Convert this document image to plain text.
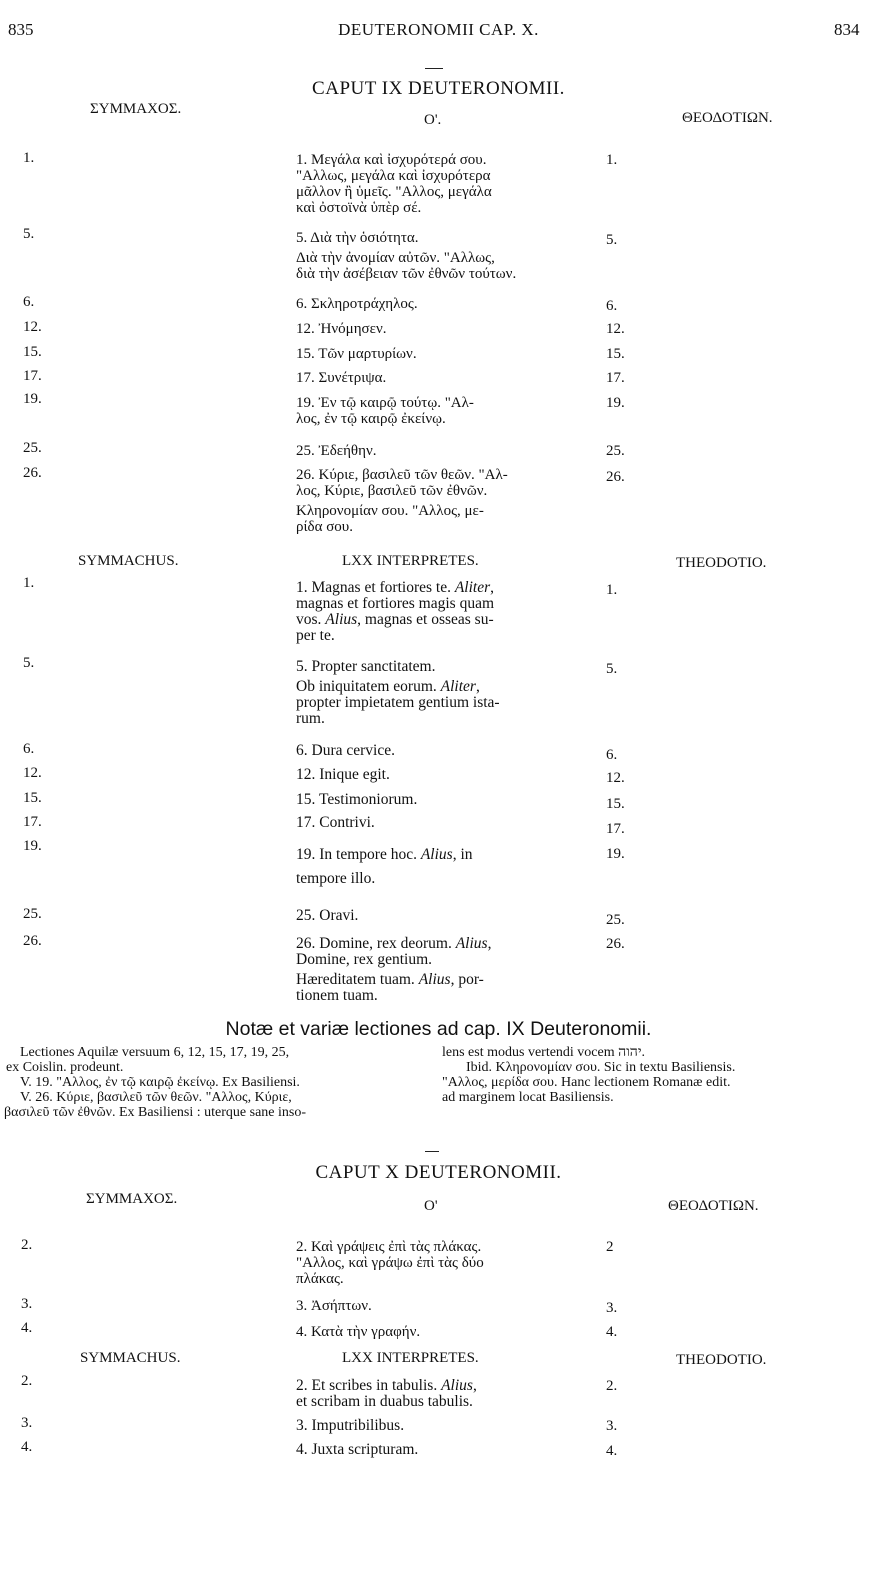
835	DEUTERONOMII CAP. X.	834
CAPUT IX DEUTERONOMII.
ΣΥΜΜΑΧΟΣ.
Ο'.	ΘΕΟΔΟΤΙΩΝ.
1.	1. Μεγάλα καὶ ἰσχυρότερά σου.
"Αλλως, μεγάλα καὶ ἰσχυρότερα
μᾶλλον ἢ ὑμεῖς. "Αλλος, μεγάλα
καὶ ὀστοϊνὰ ὑπὲρ σέ.
1.
5.	5. Διὰ τὴν ὁσιότητα.
Διὰ τὴν ἀνομίαν αὐτῶν. "Αλλως,
διὰ τὴν ἀσέβειαν τῶν ἐθνῶν τούτων.
5.
6.	6. Σκληροτράχηλος.	6.
12.	12. Ἠνόμησεν.	12.
15.	15. Τῶν μαρτυρίων.	15.
17.	17. Συνέτριψα.	17.
19.	19. Ἐν τῷ καιρῷ τούτῳ. "Αλ-
λος, ἐν τῷ καιρῷ ἐκείνῳ.
19.
25.	25. Ἐδεήθην.	25.
26.	26. Κύριε, βασιλεῦ τῶν θεῶν. "Αλ-
λος, Κύριε, βασιλεῦ τῶν ἐθνῶν.
Κληρονομίαν σου. "Αλλος, με-
ρίδα σου.
26.
SYMMACHUS.	LXX INTERPRETES.	THEODOTIO.
1.	1. Magnas et fortiores te. Aliter,
magnas et fortiores magis quam
vos. Alius, magnas et osseas su-
per te.
1.
5.	5. Propter sanctitatem.
Ob iniquitatem eorum. Aliter,
propter impietatem gentium ista-
rum.
5.
6.	6. Dura cervice.	6.
12.	12. Inique egit.	12.
15.	15. Testimoniorum.	15.
17.	17. Contrivi.	17.
19.	19. In tempore hoc. Alius, in
tempore illo.
19.
25.	25. Oravi.	25.
26.	26. Domine, rex deorum. Alius,
Domine, rex gentium.
Hæreditatem tuam. Alius, por-
tionem tuam.
26.
Notæ et variæ lectiones ad cap. IX Deuteronomii.
Lectiones Aquilæ versuum 6, 12, 15, 17, 19, 25,
ex Coislin. prodeunt.
V. 19. "Αλλος, ἐν τῷ καιρῷ ἐκείνῳ. Ex Basiliensi.
V. 26. Κύριε, βασιλεῦ τῶν θεῶν. "Αλλος, Κύριε,
βασιλεῦ τῶν ἐθνῶν. Ex Basiliensi : uterque sane inso-
lens est modus vertendi vocem יהוה.
Ibid. Κληρονομίαν σου. Sic in textu Basiliensis.
"Αλλος, μερίδα σου. Hanc lectionem Romanæ edit.
ad marginem locat Basiliensis.
CAPUT X DEUTERONOMII.
ΣΥΜΜΑΧΟΣ.	Ο'	ΘΕΟΔΟΤΙΩΝ.
2.	2. Καὶ γράψεις ἐπὶ τὰς πλάκας.
"Αλλος, καὶ γράψω ἐπὶ τὰς δύο
πλάκας.
2
3.	3. Ἀσήπτων.	3.
4.	4. Κατὰ τὴν γραφήν.	4.
SYMMACHUS.	LXX INTERPRETES.	THEODOTIO.
2.	2. Et scribes in tabulis. Alius,
et scribam in duabus tabulis.
2.
3.	3. Imputribilibus.	3.
4.	4. Juxta scripturam.	4.
